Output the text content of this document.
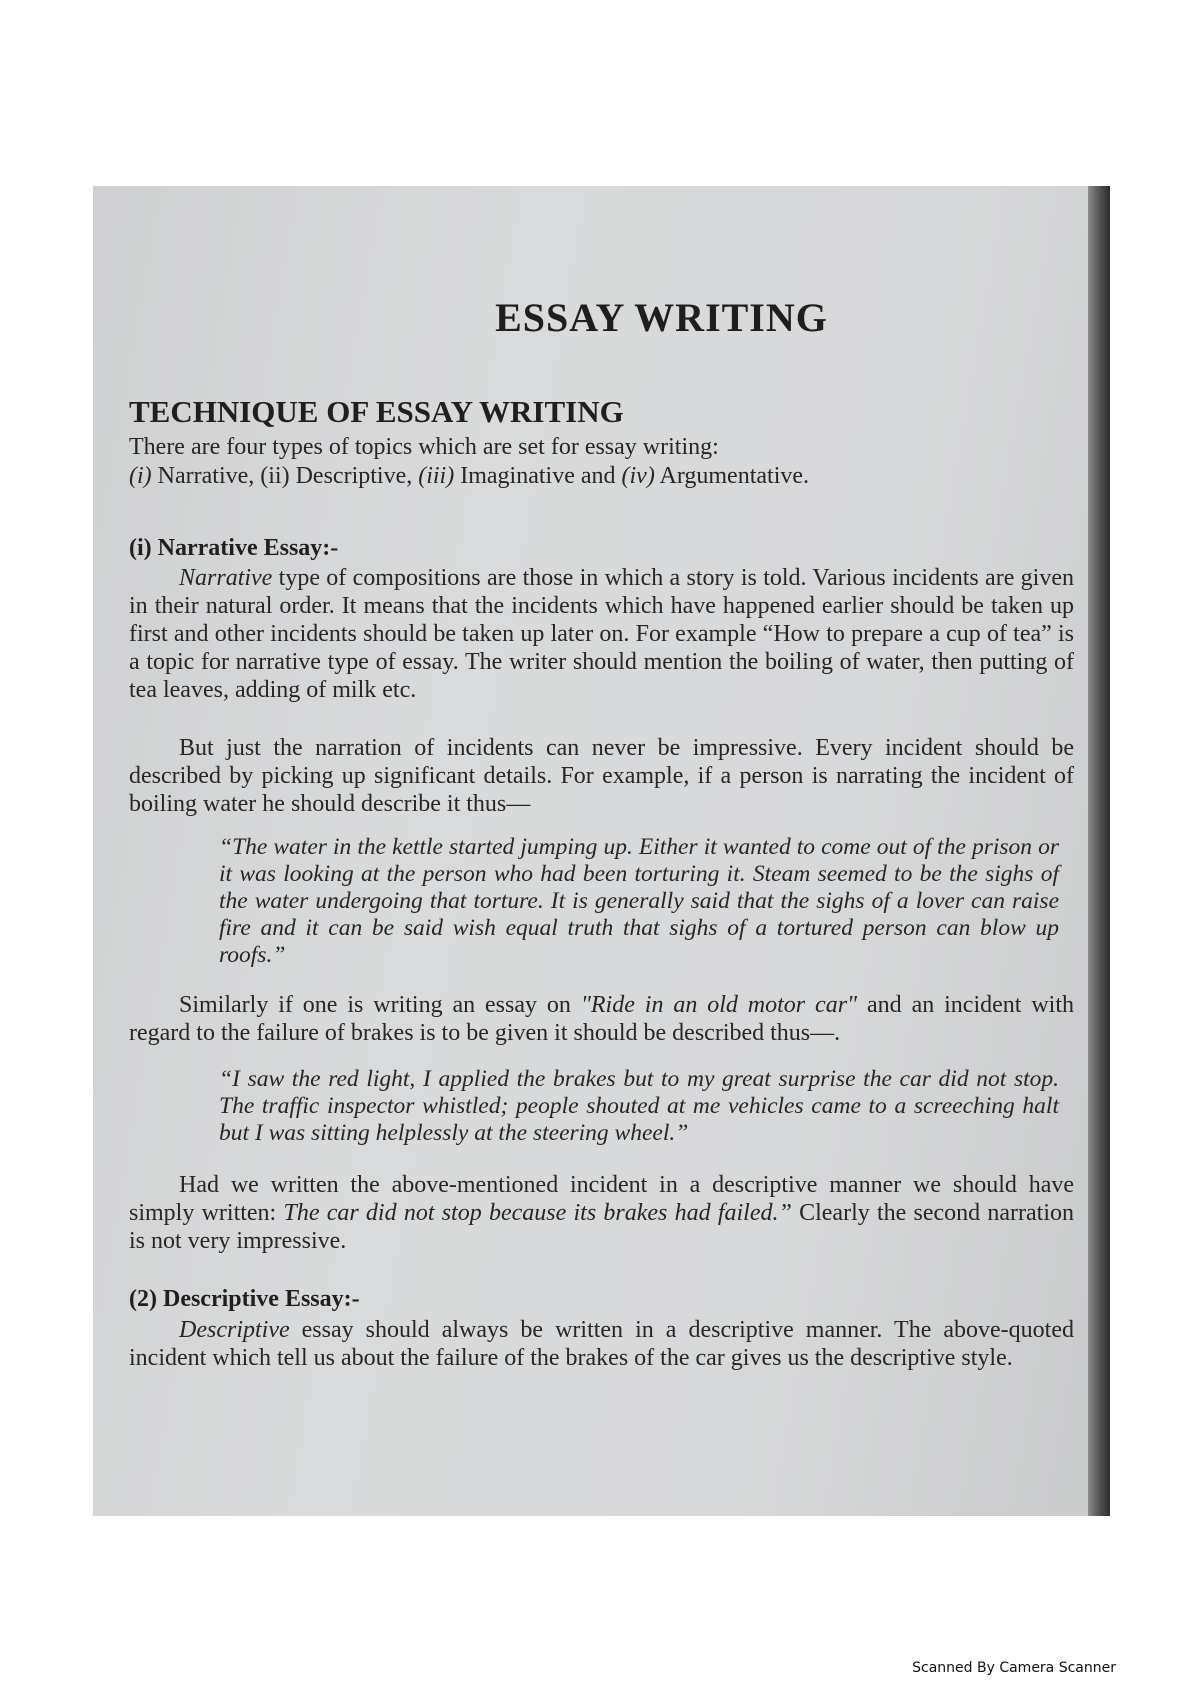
ESSAY WRITING
TECHNIQUE OF ESSAY WRITING
There are four types of topics which are set for essay writing:
(i) Narrative, (ii) Descriptive, (iii) Imaginative and (iv) Argumentative.
(i) Narrative Essay:-

Narrative type of compositions are those in which a story is told. Various incidents are given in their natural order. It means that the incidents which have happened earlier should be taken up first and other incidents should be taken up later on. For example “How to prepare a cup of tea” is a topic for narrative type of essay. The writer should mention the boiling of water, then putting of tea leaves, adding of milk etc.

But just the narration of incidents can never be impressive. Every incident should be described by picking up significant details. For example, if a person is narrating the incident of boiling water he should describe it thus—

“The water in the kettle started jumping up. Either it wanted to come out of the prison or it was looking at the person who had been torturing it. Steam seemed to be the sighs of the water undergoing that torture. It is generally said that the sighs of a lover can raise fire and it can be said wish equal truth that sighs of a tortured person can blow up roofs.”

Similarly if one is writing an essay on "Ride in an old motor car" and an incident with regard to the failure of brakes is to be given it should be described thus—.

“I saw the red light, I applied the brakes but to my great surprise the car did not stop. The traffic inspector whistled; people shouted at me vehicles came to a screeching halt but I was sitting helplessly at the steering wheel.”

Had we written the above-mentioned incident in a descriptive manner we should have simply written: The car did not stop because its brakes had failed.” Clearly the second narration is not very impressive.

(2) Descriptive Essay:-

Descriptive essay should always be written in a descriptive manner. The above-quoted incident which tell us about the failure of the brakes of the car gives us the descriptive style.

Scanned By Camera Scanner
